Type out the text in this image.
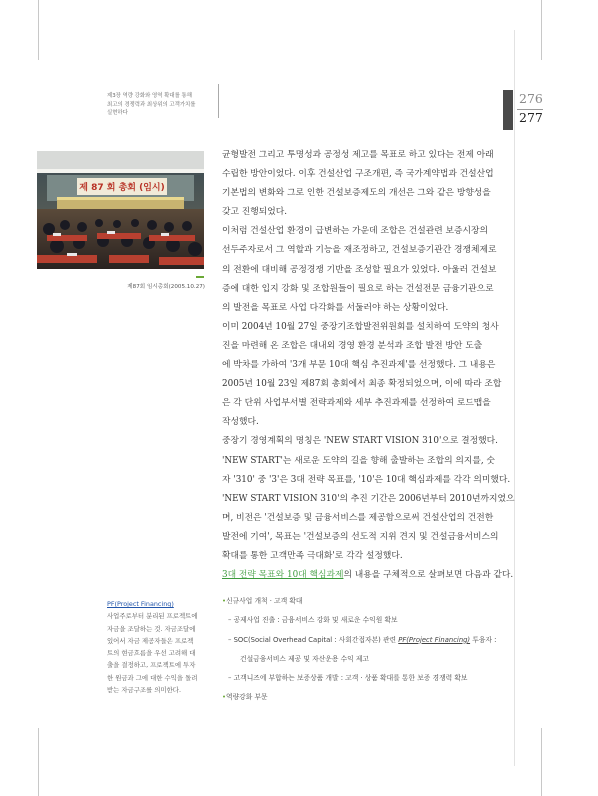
제3장 역량 강화와 영역 확대를 통해
최고의 경쟁력과 최상위의 고객가치를
실현하다
276
277
제 87 회 총회 (임시)
제87회 임시총회(2005.10.27)

균형발전 그리고 투명성과 공정성 제고를 목표로 하고 있다는 전제 아래

수립한 방안이었다. 이후 건설산업 구조개편, 즉 국가계약법과 건설산업

기본법의 변화와 그로 인한 건설보증제도의 개선은 그와 같은 방향성을

갖고 진행되었다.

이처럼 건설산업 환경이 급변하는 가운데 조합은 건설관련 보증시장의

선두주자로서 그 역할과 기능을 재조정하고, 건설보증기관간 경쟁체제로

의 전환에 대비해 공정경쟁 기반을 조성할 필요가 있었다. 아울러 건설보

증에 대한 입지 강화 및 조합원들이 필요로 하는 건설전문 금융기관으로

의 발전을 목표로 사업 다각화를 서둘러야 하는 상황이었다.

이미 2004년 10월 27일 중장기조합발전위원회를 설치하여 도약의 청사

진을 마련해 온 조합은 대내외 경영 환경 분석과 조합 발전 방안 도출

에 박차를 가하여 '3개 부문 10대 핵심 추진과제'를 선정했다. 그 내용은

2005년 10월 23일 제87회 총회에서 최종 확정되었으며, 이에 따라 조합

은 각 단위 사업부서별 전략과제와 세부 추진과제를 선정하여 로드맵을

작성했다.

중장기 경영계획의 명칭은 'NEW START VISION 310'으로 결정했다.

'NEW START'는 새로운 도약의 길을 향해 출발하는 조합의 의지를, 숫

자 '310' 중 '3'은 3대 전략 목표를, '10'은 10대 핵심과제를 각각 의미했다.

'NEW START VISION 310'의 추진 기간은 2006년부터 2010년까지였으

며, 비전은 '건설보증 및 금융서비스를 제공함으로써 건설산업의 건전한

발전에 기여', 목표는 '건설보증의 선도적 지위 견지 및 건설금융서비스의

확대를 통한 고객만족 극대화'로 각각 설정했다.

3대 전략 목표와 10대 핵심과제의 내용을 구체적으로 살펴보면 다음과 같다.

PF(Project Financing)
사업주로부터 분리된 프로젝트에
자금을 조달하는 것. 자금조달에
있어서 자금 제공자들은 프로젝
트의 현금흐름을 우선 고려해 대
출을 결정하고, 프로젝트에 투자
한 원금과 그에 대한 수익을 돌려
받는 자금구조를 의미한다.
•신규사업 개척 · 고객 확대
– 공제사업 진출 : 금융서비스 강화 및 새로운 수익원 확보
– SOC(Social Overhead Capital : 사회간접자본) 관련 PF(Project Financing) 투융자 :
건설금융서비스 제공 및 자산운용 수익 제고
– 고객니즈에 부합하는 보증상품 개발 : 고객 · 상품 확대를 통한 보증 경쟁력 확보
•역량강화 부문
